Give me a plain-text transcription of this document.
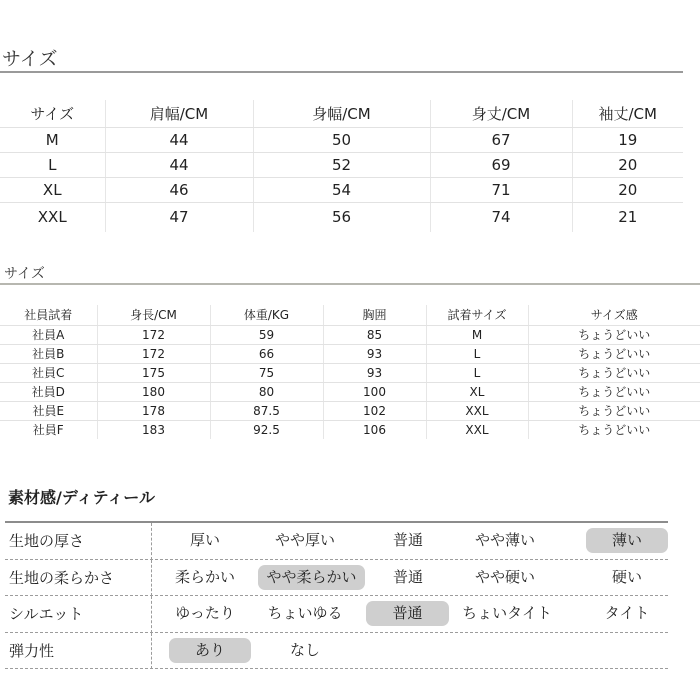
サイズ
サイズ	肩幅/CM	身幅/CM	身丈/CM	袖丈/CM
M	44	50	67	19
L	44	52	69	20
XL	46	54	71	20
XXL	47	56	74	21
サイズ
社員試着	身長/CM	体重/KG	胸囲	試着サイズ	サイズ感
社員A	172	59	85	M	ちょうどいい
社員B	172	66	93	L	ちょうどいい
社員C	175	75	93	L	ちょうどいい
社員D	180	80	100	XL	ちょうどいい
社員E	178	87.5	102	XXL	ちょうどいい
社員F	183	92.5	106	XXL	ちょうどいい
素材感/ディティール
生地の厚さ	厚い	やや厚い	普通	やや薄い	薄い
生地の柔らかさ	柔らかい	やや柔らかい	普通	やや硬い	硬い
シルエット	ゆったり	ちょいゆる	普通	ちょいタイト	タイト
弾力性	あり	なし
